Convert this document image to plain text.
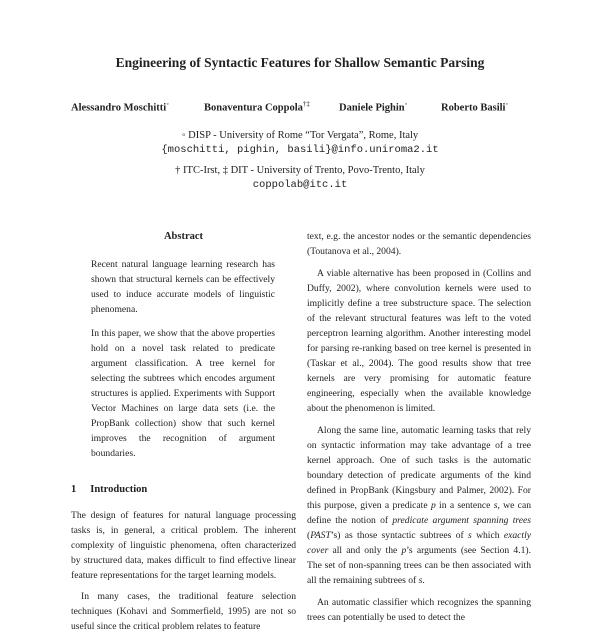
Engineering of Syntactic Features for Shallow Semantic Parsing
Alessandro Moschitti◦	Bonaventura Coppola†‡	Daniele Pighin◦	Roberto Basili◦
◦ DISP - University of Rome “Tor Vergata”, Rome, Italy
{moschitti, pighin, basili}@info.uniroma2.it
† ITC-Irst, ‡ DIT - University of Trento, Povo-Trento, Italy
coppolab@itc.it
Abstract

Recent natural language learning research has shown that structural kernels can be effectively used to induce accurate models of linguistic phenomena.

In this paper, we show that the above properties hold on a novel task related to predicate argument classification. A tree kernel for selecting the subtrees which encodes argument structures is applied. Experiments with Support Vector Machines on large data sets (i.e. the PropBank collection) show that such kernel improves the recognition of argument boundaries.

1 Introduction

The design of features for natural language processing tasks is, in general, a critical problem. The inherent complexity of linguistic phenomena, often characterized by structured data, makes difficult to find effective linear feature representations for the target learning models.

In many cases, the traditional feature selection techniques (Kohavi and Sommerfield, 1995) are not so useful since the critical problem relates to feature

text, e.g. the ancestor nodes or the semantic dependencies (Toutanova et al., 2004).

A viable alternative has been proposed in (Collins and Duffy, 2002), where convolution kernels were used to implicitly define a tree substructure space. The selection of the relevant structural features was left to the voted perceptron learning algorithm. Another interesting model for parsing re-ranking based on tree kernel is presented in (Taskar et al., 2004). The good results show that tree kernels are very promising for automatic feature engineering, especially when the available knowledge about the phenomenon is limited.

Along the same line, automatic learning tasks that rely on syntactic information may take advantage of a tree kernel approach. One of such tasks is the automatic boundary detection of predicate arguments of the kind defined in PropBank (Kingsbury and Palmer, 2002). For this purpose, given a predicate p in a sentence s, we can define the notion of predicate argument spanning trees (PAST’s) as those syntactic subtrees of s which exactly cover all and only the p’s arguments (see Section 4.1). The set of non-spanning trees can be then associated with all the remaining subtrees of s.

An automatic classifier which recognizes the spanning trees can potentially be used to detect the
